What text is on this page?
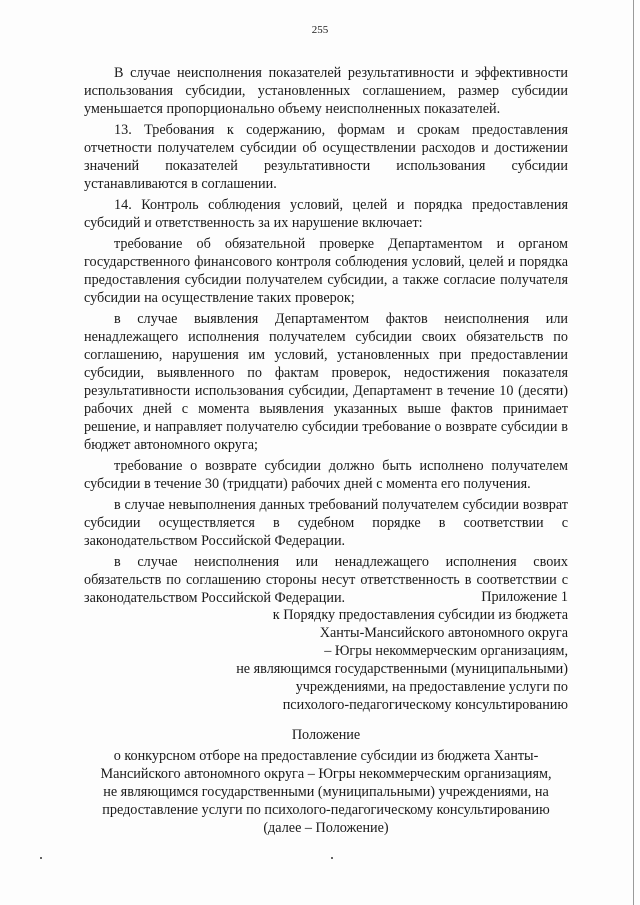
255

В случае неисполнения показателей результативности и эффективности использования субсидии, установленных соглашением, размер субсидии уменьшается пропорционально объему неисполненных показателей.

13. Требования к содержанию, формам и срокам предоставления отчетности получателем субсидии об осуществлении расходов и достижении значений показателей результативности использования субсидии устанавливаются в соглашении.

14. Контроль соблюдения условий, целей и порядка предоставления субсидий и ответственность за их нарушение включает:

требование об обязательной проверке Департаментом и органом государственного финансового контроля соблюдения условий, целей и порядка предоставления субсидии получателем субсидии, а также согласие получателя субсидии на осуществление таких проверок;

в случае выявления Департаментом фактов неисполнения или ненадлежащего исполнения получателем субсидии своих обязательств по соглашению, нарушения им условий, установленных при предоставлении субсидии, выявленного по фактам проверок, недостижения показателя результативности использования субсидии, Департамент в течение 10 (десяти) рабочих дней с момента выявления указанных выше фактов принимает решение, и направляет получателю субсидии требование о возврате субсидии в бюджет автономного округа;

требование о возврате субсидии должно быть исполнено получателем субсидии в течение 30 (тридцати) рабочих дней с момента его получения.

в случае невыполнения данных требований получателем субсидии возврат субсидии осуществляется в судебном порядке в соответствии с законодательством Российской Федерации.

в случае неисполнения или ненадлежащего исполнения своих обязательств по соглашению стороны несут ответственность в соответствии с законодательством Российской Федерации.	Приложение 1

к Порядку предоставления субсидии из бюджета

Ханты-Мансийского автономного округа

– Югры некоммерческим организациям,

не являющимся государственными (муниципальными)

учреждениями, на предоставление услуги по

психолого-педагогическому консультированию

Положение

о конкурсном отборе на предоставление субсидии из бюджета Ханты-

Мансийского автономного округа – Югры некоммерческим организациям,

не являющимся государственными (муниципальными) учреждениями, на

предоставление услуги по психолого-педагогическому консультированию

(далее – Положение)
